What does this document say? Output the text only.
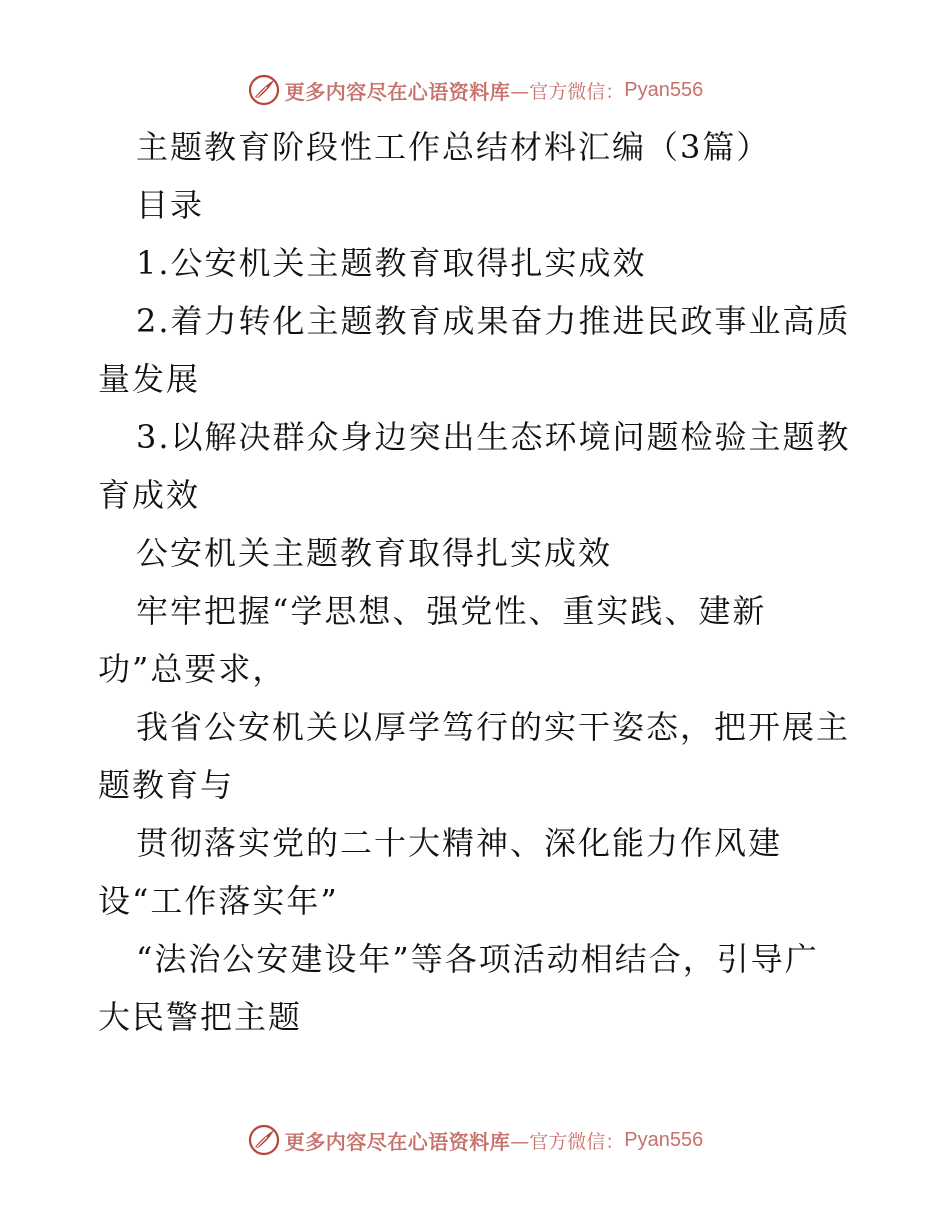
更多内容尽在心语资料库 —官方微信： Pyan556
主题教育阶段性工作总结材料汇编（3篇）
目录
1.公安机关主题教育取得扎实成效
2.着力转化主题教育成果奋力推进民政事业高质
量发展
3.以解决群众身边突出生态环境问题检验主题教
育成效
公安机关主题教育取得扎实成效
牢牢把握“学思想、强党性、重实践、建新
功”总要求，
我省公安机关以厚学笃行的实干姿态，把开展主
题教育与
贯彻落实党的二十大精神、深化能力作风建
设“工作落实年”
“法治公安建设年”等各项活动相结合，引导广
大民警把主题
更多内容尽在心语资料库 —官方微信： Pyan556
